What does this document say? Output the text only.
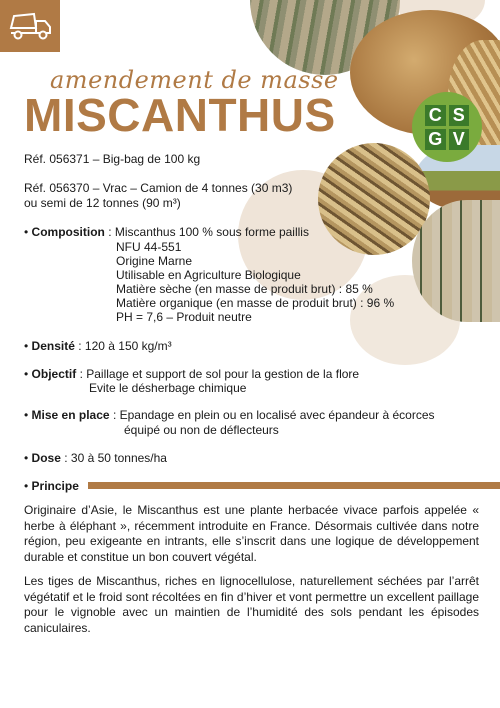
amendement de masse
MISCANTHUS	C S
G V
Réf. 056371 – Big-bag de 100 kg
Réf. 056370 – Vrac – Camion de 4 tonnes (30 m3)
ou semi de 12 tonnes (90 m³)
• Composition : Miscanthus 100 % sous forme paillis
NFU 44-551
Origine Marne
Utilisable en Agriculture Biologique
Matière sèche (en masse de produit brut) : 85 %
Matière organique (en masse de produit brut) : 96 %
PH = 7,6 – Produit neutre
• Densité : 120 à 150 kg/m³
• Objectif : Paillage et support de sol pour la gestion de la flore
Evite le désherbage chimique
• Mise en place : Epandage en plein ou en localisé avec épandeur à écorces
équipé ou non de déflecteurs
• Dose : 30 à 50 tonnes/ha
• Principe
Originaire d’Asie, le Miscanthus est une plante herbacée vivace parfois appelée « herbe à éléphant », récemment introduite en France. Désormais cultivée dans notre région, peu exigeante en intrants, elle s’inscrit dans une logique de développement durable et constitue un bon couvert végétal.
Les tiges de Miscanthus, riches en lignocellulose, naturellement séchées par l’arrêt végétatif et le froid sont récoltées en fin d’hiver et vont permettre un excellent paillage pour le vignoble avec un maintien de l’humidité des sols pendant les épisodes caniculaires.
